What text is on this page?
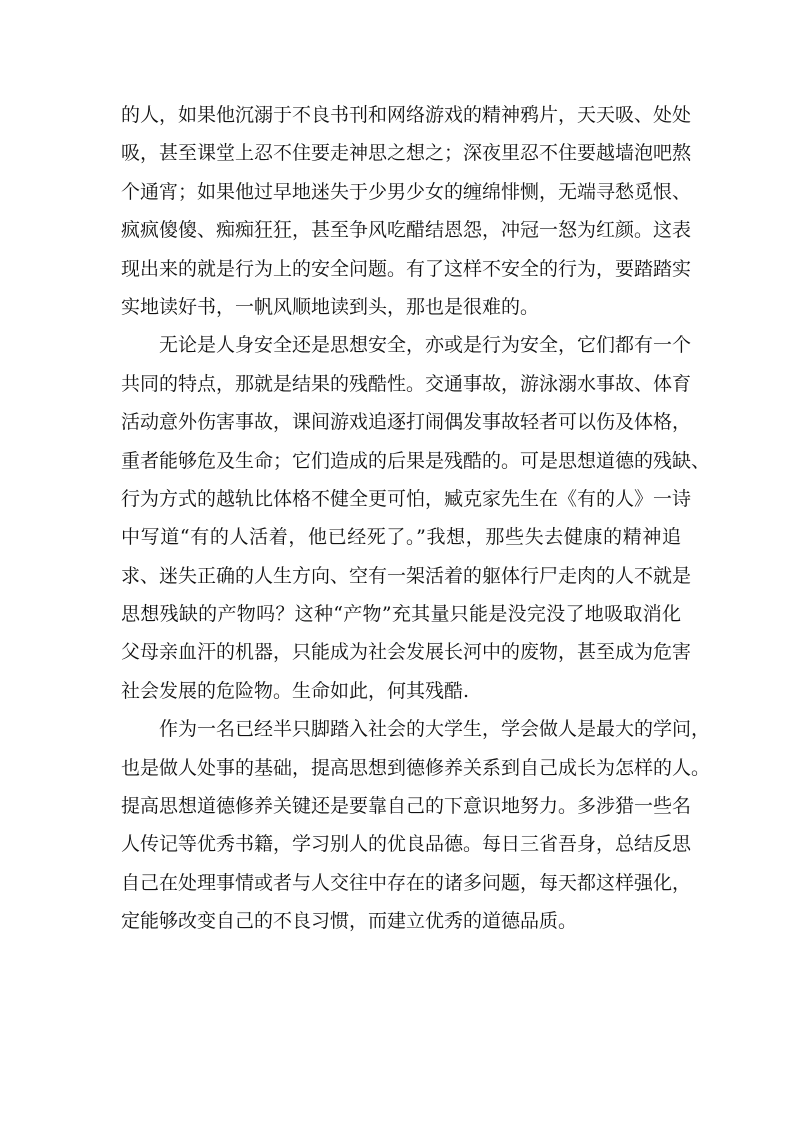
的人，如果他沉溺于不良书刊和网络游戏的精神鸦片，天天吸、处处
吸，甚至课堂上忍不住要走神思之想之；深夜里忍不住要越墙泡吧熬
个通宵；如果他过早地迷失于少男少女的缠绵悱恻，无端寻愁觅恨、
疯疯傻傻、痴痴狂狂，甚至争风吃醋结恩怨，冲冠一怒为红颜。这表
现出来的就是行为上的安全问题。有了这样不安全的行为，要踏踏实
实地读好书，一帆风顺地读到头，那也是很难的。
无论是人身安全还是思想安全，亦或是行为安全，它们都有一个
共同的特点，那就是结果的残酷性。交通事故，游泳溺水事故、体育
活动意外伤害事故，课间游戏追逐打闹偶发事故轻者可以伤及体格，
重者能够危及生命；它们造成的后果是残酷的。可是思想道德的残缺、
行为方式的越轨比体格不健全更可怕，臧克家先生在《有的人》一诗
中写道“有的人活着，他已经死了。”我想，那些失去健康的精神追
求、迷失正确的人生方向、空有一架活着的躯体行尸走肉的人不就是
思想残缺的产物吗？这种“产物”充其量只能是没完没了地吸取消化
父母亲血汗的机器，只能成为社会发展长河中的废物，甚至成为危害
社会发展的危险物。生命如此，何其残酷.
作为一名已经半只脚踏入社会的大学生，学会做人是最大的学问，
也是做人处事的基础，提高思想到德修养关系到自己成长为怎样的人。
提高思想道德修养关键还是要靠自己的下意识地努力。多涉猎一些名
人传记等优秀书籍，学习别人的优良品德。每日三省吾身，总结反思
自己在处理事情或者与人交往中存在的诸多问题，每天都这样强化，
定能够改变自己的不良习惯，而建立优秀的道德品质。
